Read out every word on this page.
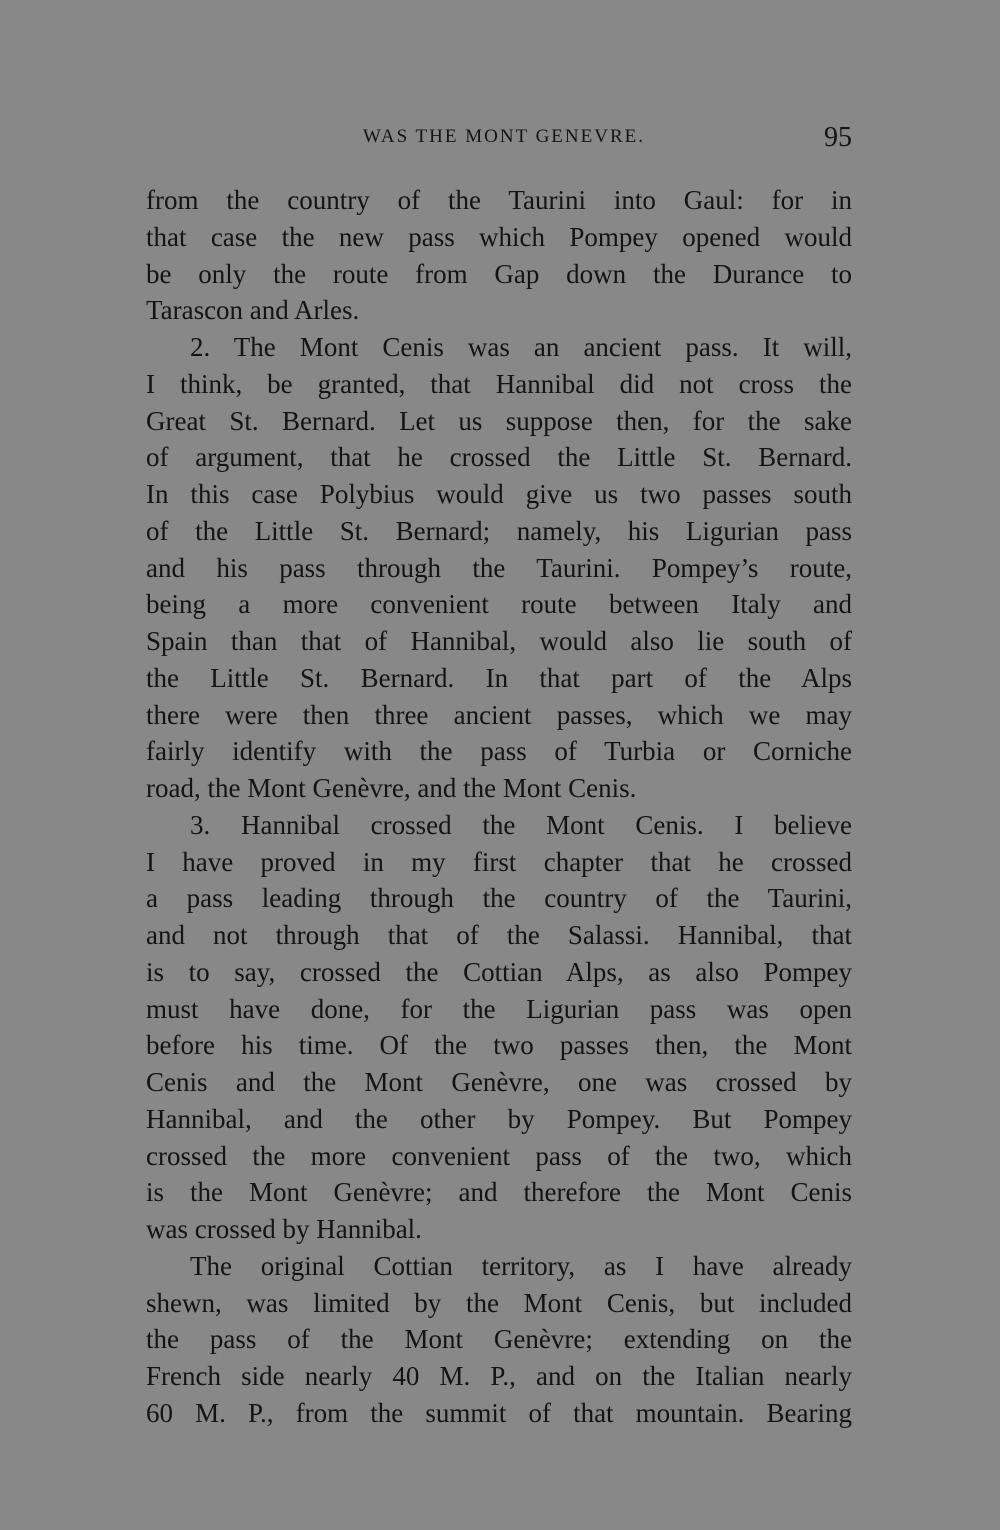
WAS THE MONT GENEVRE.	95
from the country of the Taurini into Gaul: for in
that case the new pass which Pompey opened would
be only the route from Gap down the Durance to
Tarascon and Arles.
2. The Mont Cenis was an ancient pass. It will,
I think, be granted, that Hannibal did not cross the
Great St. Bernard. Let us suppose then, for the sake
of argument, that he crossed the Little St. Bernard.
In this case Polybius would give us two passes south
of the Little St. Bernard; namely, his Ligurian pass
and his pass through the Taurini. Pompey’s route,
being a more convenient route between Italy and
Spain than that of Hannibal, would also lie south of
the Little St. Bernard. In that part of the Alps
there were then three ancient passes, which we may
fairly identify with the pass of Turbia or Corniche
road, the Mont Genèvre, and the Mont Cenis.
3. Hannibal crossed the Mont Cenis. I believe
I have proved in my first chapter that he crossed
a pass leading through the country of the Taurini,
and not through that of the Salassi. Hannibal, that
is to say, crossed the Cottian Alps, as also Pompey
must have done, for the Ligurian pass was open
before his time. Of the two passes then, the Mont
Cenis and the Mont Genèvre, one was crossed by
Hannibal, and the other by Pompey. But Pompey
crossed the more convenient pass of the two, which
is the Mont Genèvre; and therefore the Mont Cenis
was crossed by Hannibal.
The original Cottian territory, as I have already
shewn, was limited by the Mont Cenis, but included
the pass of the Mont Genèvre; extending on the
French side nearly 40 M. P., and on the Italian nearly
60 M. P., from the summit of that mountain. Bearing
